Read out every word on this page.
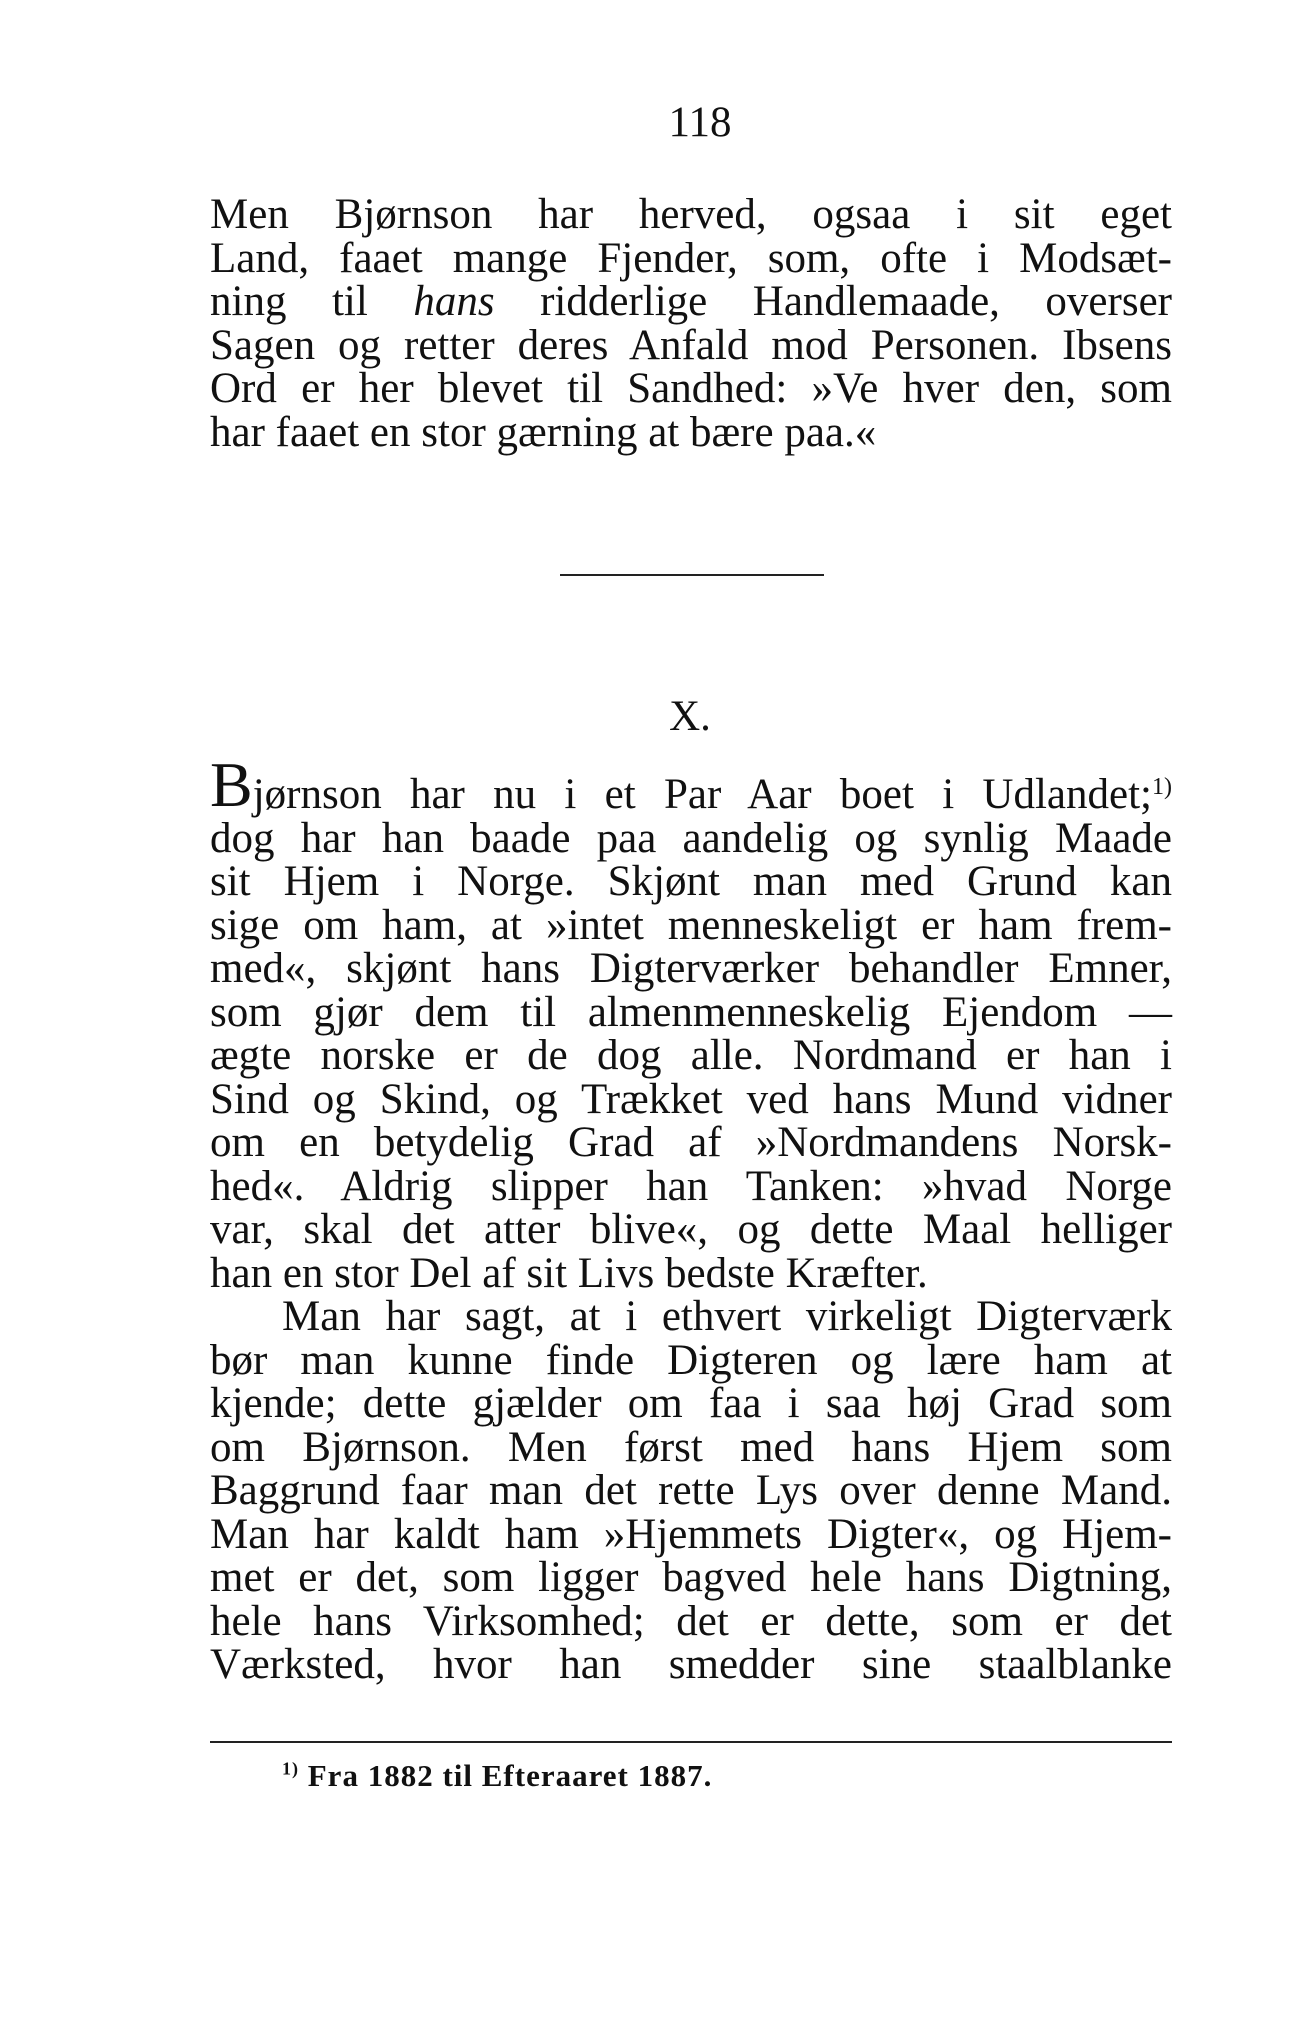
118

Men Bjørnson har herved, ogsaa i sit eget
Land, faaet mange Fjender, som, ofte i Modsæt-
ning til hans ridderlige Handlemaade, overser
Sagen og retter deres Anfald mod Personen. Ibsens
Ord er her blevet til Sandhed: »Ve hver den, som
har faaet en stor gærning at bære paa.«

X.

Bjørnson har nu i et Par Aar boet i Udlandet;$^{1)}$
dog har han baade paa aandelig og synlig Maade
sit Hjem i Norge. Skjønt man med Grund kan
sige om ham, at »intet menneskeligt er ham frem-
med«, skjønt hans Digterværker behandler Emner,
som gjør dem til almenmenneskelig Ejendom —
ægte norske er de dog alle. Nordmand er han i
Sind og Skind, og Trækket ved hans Mund vidner
om en betydelig Grad af »Nordmandens Norsk-
hed«. Aldrig slipper han Tanken: »hvad Norge
var, skal det atter blive«, og dette Maal helliger
han en stor Del af sit Livs bedste Kræfter.

Man har sagt, at i ethvert virkeligt Digterværk
bør man kunne finde Digteren og lære ham at
kjende; dette gjælder om faa i saa høj Grad som
om Bjørnson. Men først med hans Hjem som
Baggrund faar man det rette Lys over denne Mand.
Man har kaldt ham »Hjemmets Digter«, og Hjem-
met er det, som ligger bagved hele hans Digtning,
hele hans Virksomhed; det er dette, som er det
Værksted, hvor han smedder sine staalblanke

$^{1)}$ Fra 1882 til Efteraaret 1887.
